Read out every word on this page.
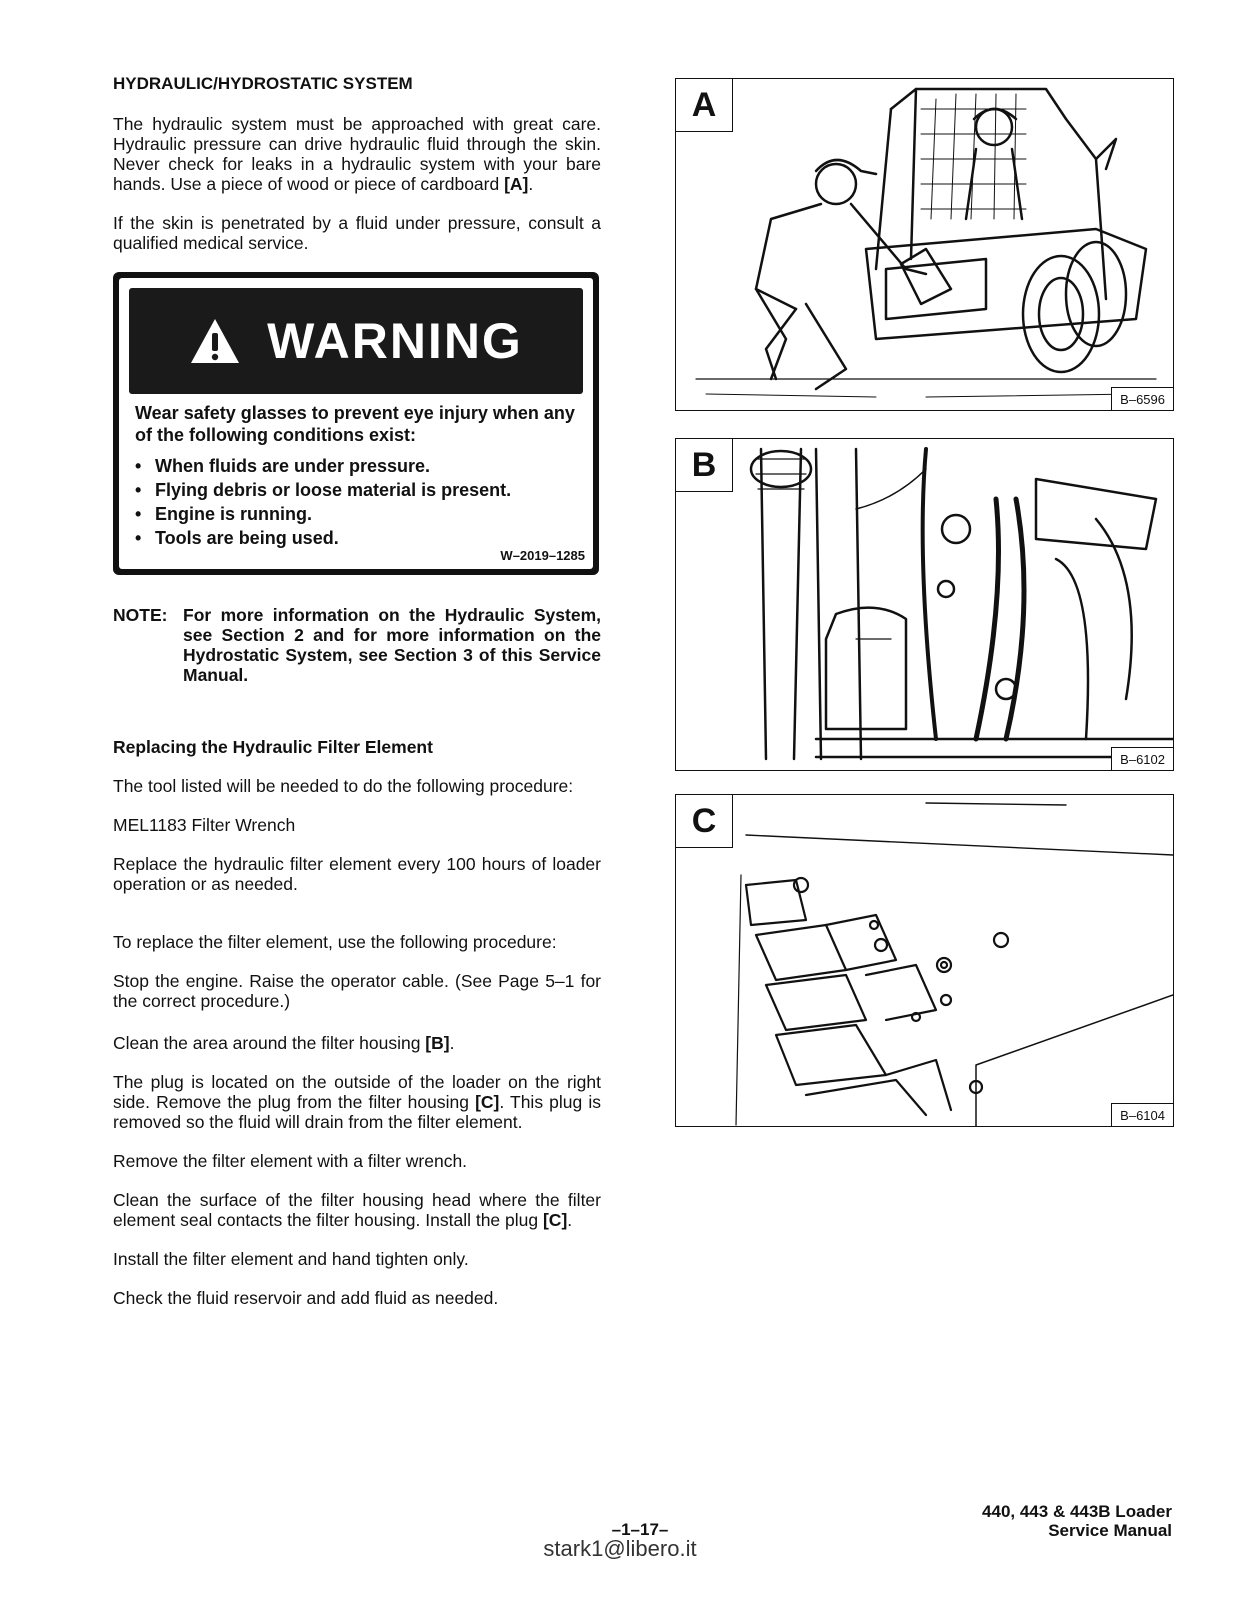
HYDRAULIC/HYDROSTATIC SYSTEM

The hydraulic system must be approached with great care. Hydraulic pressure can drive hydraulic fluid through the skin. Never check for leaks in a hydraulic system with your bare hands. Use a piece of wood or piece of cardboard [A].

If the skin is penetrated by a fluid under pressure, consult a qualified medical service.

WARNING

Wear safety glasses to prevent eye injury when any of the following conditions exist:

• When fluids are under pressure.
• Flying debris or loose material is present.
• Engine is running.
• Tools are being used.
W–2019–1285
NOTE: For more information on the Hydraulic System, see Section 2 and for more information on the Hydrostatic System, see Section 3 of this Service Manual.
Replacing the Hydraulic Filter Element

The tool listed will be needed to do the following procedure:

MEL1183 Filter Wrench

Replace the hydraulic filter element every 100 hours of loader operation or as needed.

To replace the filter element, use the following procedure:

Stop the engine. Raise the operator cable. (See Page 5–1 for the correct procedure.)

Clean the area around the filter housing [B].

The plug is located on the outside of the loader on the right side. Remove the plug from the filter housing [C]. This plug is removed so the fluid will drain from the filter element.

Remove the filter element with a filter wrench.

Clean the surface of the filter housing head where the filter element seal contacts the filter housing. Install the plug [C].

Install the filter element and hand tighten only.

Check the fluid reservoir and add fluid as needed.

A
B–6596
B
B–6102
C
B–6104
440, 443 & 443B Loader
Service Manual
–1–17–
stark1@libero.it
